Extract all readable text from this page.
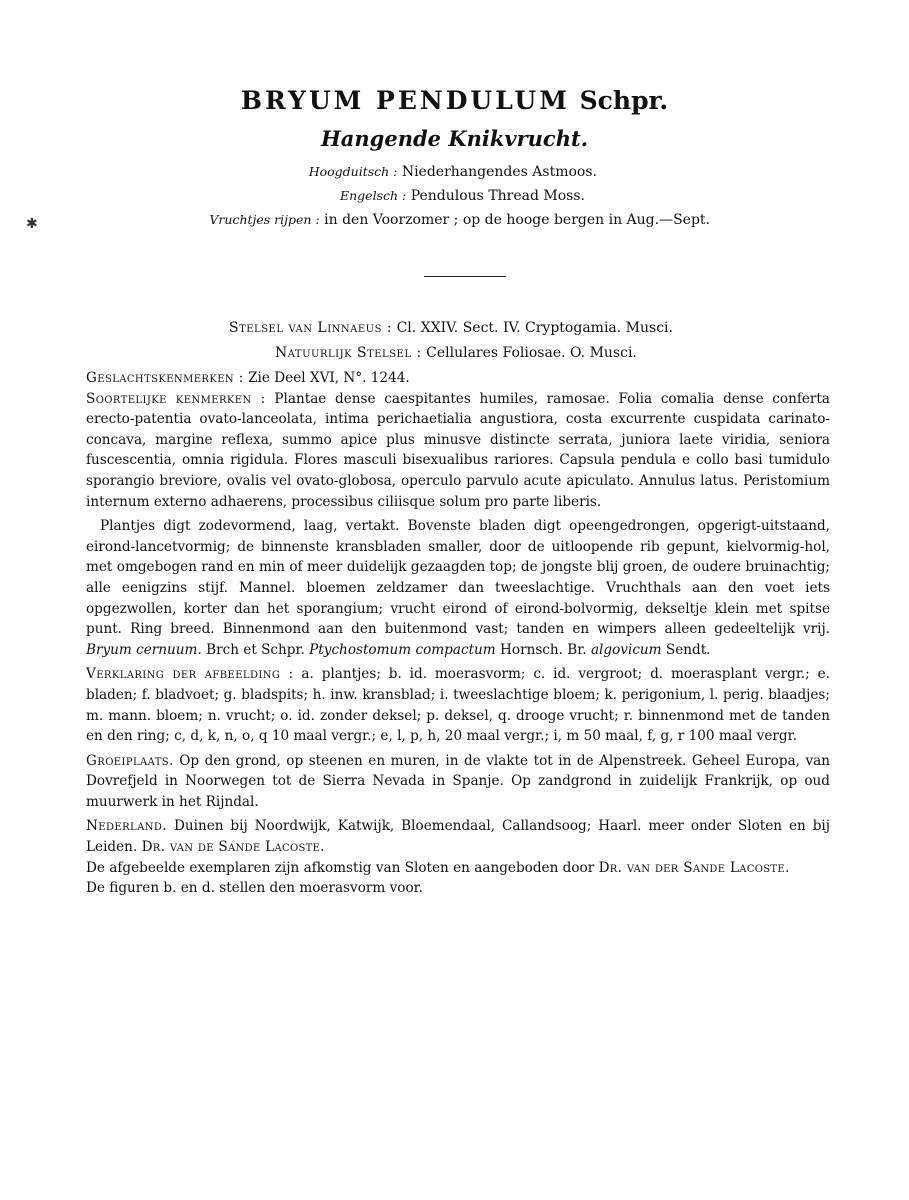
✱
BRYUM PENDULUM Schpr.
Hangende Knikvrucht.
Hoogduitsch : Niederhangendes Astmoos.
Engelsch : Pendulous Thread Moss.
Vruchtjes rijpen : in den Voorzomer ; op de hooge bergen in Aug.—Sept.
Stelsel van Linnaeus : Cl. XXIV. Sect. IV. Cryptogamia. Musci.
Natuurlijk Stelsel : Cellulares Foliosae. O. Musci.

Geslachtskenmerken : Zie Deel XVI, N°. 1244.

Soortelijke kenmerken : Plantae dense caespitantes humiles, ramosae. Folia comalia dense conferta erecto-patentia ovato-lanceolata, intima perichaetialia angustiora, costa excurrente cuspidata carinato-concava, margine reflexa, summo apice plus minusve distincte serrata, juniora laete viridia, seniora fuscescentia, omnia rigidula. Flores masculi bisexualibus rariores. Capsula pendula e collo basi tumidulo sporangio breviore, ovalis vel ovato-globosa, operculo parvulo acute apiculato. Annulus latus. Peristomium internum externo adhaerens, processibus ciliisque solum pro parte liberis.

Plantjes digt zodevormend, laag, vertakt. Bovenste bladen digt opeengedrongen, opgerigt-uitstaand, eirond-lancetvormig; de binnenste kransbladen smaller, door de uitloopende rib gepunt, kielvormig-hol, met omgebogen rand en min of meer duidelijk gezaagden top; de jongste blij groen, de oudere bruinachtig; alle eenigzins stijf. Mannel. bloemen zeldzamer dan tweeslachtige. Vruchthals aan den voet iets opgezwollen, korter dan het sporangium; vrucht eirond of eirond-bolvormig, dekseltje klein met spitse punt. Ring breed. Binnenmond aan den buitenmond vast; tanden en wimpers alleen gedeeltelijk vrij. Bryum cernuum. Brch et Schpr. Ptychostomum compactum Hornsch. Br. algovicum Sendt.

Verklaring der afbeelding : a. plantjes; b. id. moerasvorm; c. id. vergroot; d. moerasplant vergr.; e. bladen; f. bladvoet; g. bladspits; h. inw. kransblad; i. tweeslachtige bloem; k. perigonium, l. perig. blaadjes; m. mann. bloem; n. vrucht; o. id. zonder deksel; p. deksel, q. drooge vrucht; r. binnenmond met de tanden en den ring; c, d, k, n, o, q 10 maal vergr.; e, l, p, h, 20 maal vergr.; i, m 50 maal, f, g, r 100 maal vergr.

Groeiplaats. Op den grond, op steenen en muren, in de vlakte tot in de Alpenstreek. Geheel Europa, van Dovrefjeld in Noorwegen tot de Sierra Nevada in Spanje. Op zandgrond in zuidelijk Frankrijk, op oud muurwerk in het Rijndal.

Nederland. Duinen bij Noordwijk, Katwijk, Bloemendaal, Callandsoog; Haarl. meer onder Sloten en bij Leiden. Dr. van de Sande Lacoste.

De afgebeelde exemplaren zijn afkomstig van Sloten en aangeboden door Dr. van der Sande Lacoste.
De figuren b. en d. stellen den moerasvorm voor.
